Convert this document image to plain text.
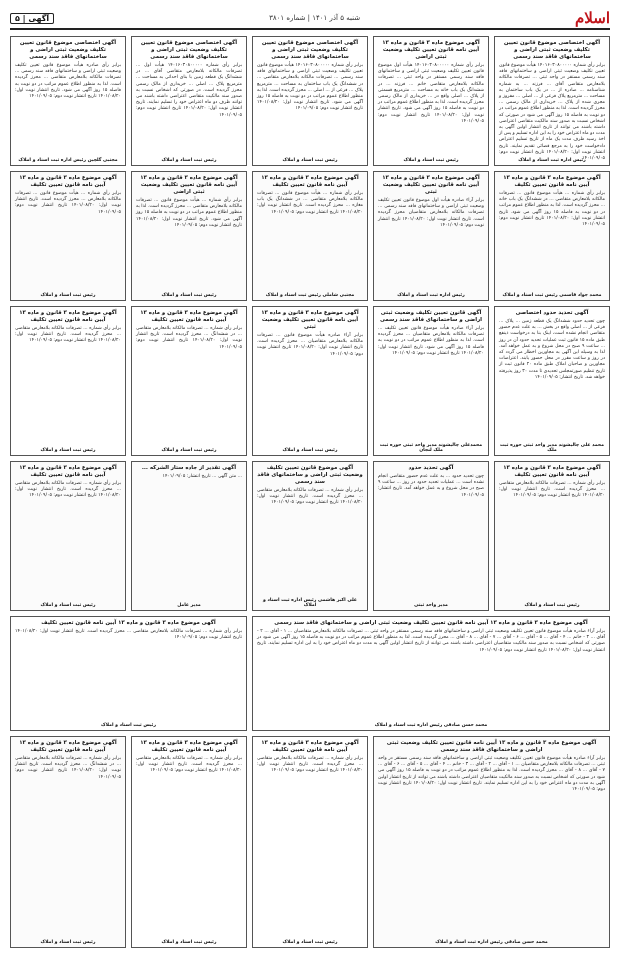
اسلام
شنبه ۵ آذر ۱۴۰۱ | شماره ۳۸۰۱
آگهی | ۵
آگهی اختصاصی موضوع قانون تعیین تکلیف وضعیت ثبتی اراضی و ساختمانهای فاقد سند رسمی
برابر رأی شماره ۱۴۰۱۶۰۳۰۸۰۰۰۰۰ هیأت موضوع قانون تعیین تکلیف وضعیت ثبتی اراضی و ساختمانهای فاقد سند رسمی مستقر در واحد ثبتی ... تصرفات مالکانه بلامعارض متقاضی آقای ... فرزند ... به شماره شناسنامه ... صادره از ... در یک باب ساختمان به مساحت ... مترمربع پلاک فرعی از ... اصلی ... مفروز و مجزی شده از پلاک ... خریداری از مالک رسمی ... محرز گردیده است. لذا به منظور اطلاع عموم مراتب در دو نوبت به فاصله ۱۵ روز آگهی می شود در صورتی که اشخاص نسبت به صدور سند مالکیت متقاضی اعتراضی داشته باشند می توانند از تاریخ انتشار اولین آگهی به مدت دو ماه اعتراض خود را به این اداره تسلیم و پس از اخذ رسید ظرف مدت یک ماه از تاریخ تسلیم اعتراض دادخواست خود را به مرجع قضائی تقدیم نمایند. تاریخ انتشار نوبت اول: ۱۴۰۱/۰۸/۲۰ تاریخ انتشار نوبت دوم: ۱۴۰۱/۰۹/۰۵
رئیس اداره ثبت اسناد و املاک
آگهی موضوع ماده ۳ قانون و ماده ۱۳ آیین نامه قانون تعیین تکلیف وضعیت ثبتی اراضی
برابر رأی شماره ۱۴۰۱۶۰۳۰۸۰۰۰۰۰ هیأت اول موضوع قانون تعیین تکلیف وضعیت ثبتی اراضی و ساختمانهای فاقد سند رسمی مستقر در واحد ثبتی ... تصرفات مالکانه بلامعارض متقاضی خانم ... فرزند ... در ششدانگ یک باب خانه به مساحت ... مترمربع قسمتی از پلاک ... اصلی واقع در ... خریداری از مالک رسمی محرز گردیده است. لذا به منظور اطلاع عموم مراتب در دو نوبت به فاصله ۱۵ روز آگهی می شود. تاریخ انتشار نوبت اول: ۱۴۰۱/۰۸/۲۰ تاریخ انتشار نوبت دوم: ۱۴۰۱/۰۹/۰۵
رئیس ثبت اسناد و املاک
آگهی اختصاصی موضوع قانون تعیین تکلیف وضعیت ثبتی اراضی و ساختمانهای فاقد سند رسمی
برابر رأی شماره ۱۴۰۱۶۰۳۰۸۰۰۰۰۰ هیأت موضوع قانون تعیین تکلیف وضعیت ثبتی اراضی و ساختمانهای فاقد سند رسمی ... تصرفات مالکانه بلامعارض متقاضی ... در ششدانگ یک باب ساختمان به مساحت ... مترمربع پلاک ... فرعی از ... اصلی ... محرز گردیده است. لذا به منظور اطلاع عموم مراتب در دو نوبت به فاصله ۱۵ روز آگهی می شود. تاریخ انتشار نوبت اول: ۱۴۰۱/۰۸/۲۰ تاریخ انتشار نوبت دوم: ۱۴۰۱/۰۹/۰۵
رئیس ثبت اسناد و املاک
آگهی اختصاصی موضوع قانون تعیین تکلیف وضعیت ثبتی اراضی و ساختمانهای فاقد سند رسمی
برابر رأی شماره ۱۴۰۱۶۰۳۰۸۰۰۰۰۰ هیأت اول ... تصرفات مالکانه بلامعارض متقاضی آقای ... در ششدانگ یک قطعه زمین با بنای احداثی به مساحت ... مترمربع پلاک ... اصلی ... خریداری از مالک رسمی محرز گردیده است. در صورتی که اشخاص نسبت به صدور سند مالکیت متقاضی اعتراضی داشته باشند می توانند ظرف دو ماه اعتراض خود را تسلیم نمایند. تاریخ انتشار نوبت اول: ۱۴۰۱/۰۸/۲۰ تاریخ انتشار نوبت دوم: ۱۴۰۱/۰۹/۰۵
رئیس ثبت اسناد و املاک
آگهی اختصاصی موضوع قانون تعیین تکلیف وضعیت ثبتی اراضی و ساختمانهای فاقد سند رسمی
برابر رأی صادره هیأت موضوع قانون تعیین تکلیف وضعیت ثبتی اراضی و ساختمانهای فاقد سند رسمی ... تصرفات مالکانه بلامعارض متقاضی ... محرز گردیده است. لذا به منظور اطلاع عموم مراتب در دو نوبت به فاصله ۱۵ روز آگهی می شود. تاریخ انتشار نوبت اول: ۱۴۰۱/۰۸/۲۰ تاریخ انتشار نوبت دوم: ۱۴۰۱/۰۹/۰۵
مجتبی گلچین رئیس اداره ثبت اسناد و املاک
آگهی موضوع ماده ۳ قانون و ماده ۱۳ آیین نامه قانون تعیین تکلیف
برابر رأی شماره ... هیأت موضوع قانون ... تصرفات مالکانه بلامعارض متقاضی ... در ششدانگ یک باب خانه ... محرز گردیده است. لذا به منظور اطلاع عموم مراتب در دو نوبت به فاصله ۱۵ روز آگهی می شود. تاریخ انتشار نوبت اول: ۱۴۰۱/۰۸/۲۰ تاریخ انتشار نوبت دوم: ۱۴۰۱/۰۹/۰۵
محمد جواد قاسمی رئیس ثبت اسناد و املاک
آگهی موضوع ماده ۳ قانون و ماده ۱۳ آیین نامه قانون تعیین تکلیف وضعیت ثبتی
برابر آراء صادره هیأت اول موضوع قانون تعیین تکلیف وضعیت ثبتی اراضی و ساختمانهای فاقد سند رسمی ... تصرفات مالکانه بلامعارض متقاضیان محرز گردیده است. تاریخ انتشار نوبت اول: ۱۴۰۱/۰۸/۲۰ تاریخ انتشار نوبت دوم: ۱۴۰۱/۰۹/۰۵
رئیس اداره ثبت اسناد و املاک
آگهی موضوع ماده ۳ قانون و ماده ۱۳ آیین نامه قانون تعیین تکلیف
برابر رأی شماره ... هیأت موضوع قانون ... تصرفات مالکانه بلامعارض متقاضی ... در ششدانگ یک باب مغازه ... محرز گردیده است. تاریخ انتشار نوبت اول: ۱۴۰۱/۰۸/۲۰ تاریخ انتشار نوبت دوم: ۱۴۰۱/۰۹/۰۵
مجتبی شاملی رئیس ثبت اسناد و املاک
آگهی موضوع ماده ۳ قانون و ماده ۱۳ آیین نامه قانون تعیین تکلیف وضعیت ثبتی اراضی
برابر رأی شماره ... هیأت موضوع قانون ... تصرفات مالکانه بلامعارض متقاضی ... محرز گردیده است. لذا به منظور اطلاع عموم مراتب در دو نوبت به فاصله ۱۵ روز آگهی می شود. تاریخ انتشار نوبت اول: ۱۴۰۱/۰۸/۲۰ تاریخ انتشار نوبت دوم: ۱۴۰۱/۰۹/۰۵
رئیس ثبت اسناد و املاک
آگهی موضوع ماده ۳ قانون و ماده ۱۳ آیین نامه قانون تعیین تکلیف
برابر رأی شماره ... هیأت موضوع قانون ... تصرفات مالکانه بلامعارض ... محرز گردیده است. تاریخ انتشار نوبت اول: ۱۴۰۱/۰۸/۲۰ تاریخ انتشار نوبت دوم: ۱۴۰۱/۰۹/۰۵
رئیس ثبت اسناد و املاک
آگهی تحدید حدود اختصاصی
چون تحدید حدود ششدانگ یک قطعه زمین ... پلاک ... فرعی از ... اصلی واقع در بخش ... به علت عدم حضور متقاضی انجام نشده است، اینک بنا به درخواست ذینفع طبق ماده ۱۵ قانون ثبت عملیات تحدید حدود آن در روز ... ساعت ۹ صبح در محل شروع و به عمل خواهد آمد. لذا به وسیله این آگهی به مجاورین اخطار می گردد که در روز و ساعت مقرر در محل حضور یابند. اعتراضات مجاورین و صاحبان املاک طبق ماده ۲۰ قانون ثبت از تاریخ تنظیم صورتمجلس تحدیدی تا مدت ۳۰ روز پذیرفته خواهد شد. تاریخ انتشار: ۱۴۰۱/۰۹/۰۵
محمد علی چالیشوند مدیر واحد ثبتی حوزه ثبت ملک
آگهی قانون تعیین تکلیف وضعیت ثبتی اراضی و ساختمانهای فاقد سند رسمی
برابر آراء صادره هیأت موضوع قانون تعیین تکلیف ... تصرفات مالکانه بلامعارض متقاضیان ... محرز گردیده است. لذا به منظور اطلاع عموم مراتب در دو نوبت به فاصله ۱۵ روز آگهی می شود. تاریخ انتشار نوبت اول: ۱۴۰۱/۰۸/۲۰ تاریخ انتشار نوبت دوم: ۱۴۰۱/۰۹/۰۵
محمدعلی چالیشوند مدیر واحد ثبتی حوزه ثبت ملک لنجان
آگهی موضوع ماده ۳ قانون و ماده ۱۳ آیین نامه قانون تعیین تکلیف وضعیت ثبتی
برابر آراء صادره هیأت موضوع قانون ... تصرفات مالکانه بلامعارض متقاضیان ... محرز گردیده است. تاریخ انتشار نوبت اول: ۱۴۰۱/۰۸/۲۰ تاریخ انتشار نوبت دوم: ۱۴۰۱/۰۹/۰۵
رئیس ثبت اسناد و املاک
آگهی موضوع ماده ۳ قانون و ماده ۱۳ آیین نامه قانون تعیین تکلیف
برابر رأی شماره ... تصرفات مالکانه بلامعارض متقاضی ... در ششدانگ ... محرز گردیده است. تاریخ انتشار نوبت اول: ۱۴۰۱/۰۸/۲۰ تاریخ انتشار نوبت دوم: ۱۴۰۱/۰۹/۰۵
رئیس ثبت اسناد و املاک
آگهی موضوع ماده ۳ قانون و ماده ۱۳ آیین نامه قانون تعیین تکلیف
برابر رأی شماره ... تصرفات مالکانه بلامعارض متقاضی ... محرز گردیده است. تاریخ انتشار نوبت اول: ۱۴۰۱/۰۸/۲۰ تاریخ انتشار نوبت دوم: ۱۴۰۱/۰۹/۰۵
رئیس ثبت اسناد و املاک
آگهی موضوع ماده ۳ قانون و ماده ۱۳ آیین نامه قانون تعیین تکلیف
برابر رأی شماره ... تصرفات مالکانه بلامعارض متقاضی ... محرز گردیده است. تاریخ انتشار نوبت اول: ۱۴۰۱/۰۸/۲۰ تاریخ انتشار نوبت دوم: ۱۴۰۱/۰۹/۰۵
رئیس ثبت اسناد و املاک
آگهی تحدید حدود
چون تحدید حدود ... به علت عدم حضور متقاضی انجام نشده است ... عملیات تحدید حدود در روز ... ساعت ۹ صبح در محل شروع و به عمل خواهد آمد. تاریخ انتشار: ۱۴۰۱/۰۹/۰۵
مدیر واحد ثبتی
آگهی موضوع قانون تعیین تکلیف وضعیت ثبتی اراضی و ساختمانهای فاقد سند رسمی
برابر رأی شماره ... تصرفات مالکانه بلامعارض متقاضی ... محرز گردیده است. تاریخ انتشار نوبت اول: ۱۴۰۱/۰۸/۲۰ تاریخ انتشار نوبت دوم: ۱۴۰۱/۰۹/۰۵
علی اکبر هاشمی رئیس اداره ثبت اسناد و املاک
آگهی تقدیر از جاده ستار الشرکه ...
... متن آگهی ... تاریخ انتشار: ۱۴۰۱/۰۹/۰۵
مدیر عامل
آگهی موضوع ماده ۳ قانون و ماده ۱۳ آیین نامه قانون تعیین تکلیف
برابر رأی شماره ... تصرفات مالکانه بلامعارض متقاضی ... محرز گردیده است. تاریخ انتشار نوبت اول: ۱۴۰۱/۰۸/۲۰ تاریخ انتشار نوبت دوم: ۱۴۰۱/۰۹/۰۵
رئیس ثبت اسناد و املاک
آگهی موضوع ماده ۳ قانون و ماده ۱۳ آیین نامه قانون تعیین تکلیف وضعیت ثبتی اراضی و ساختمانهای فاقد سند رسمی
برابر آراء صادره هیأت موضوع قانون تعیین تکلیف وضعیت ثبتی اراضی و ساختمانهای فاقد سند رسمی مستقر در واحد ثبتی ... تصرفات مالکانه بلامعارض متقاضیان ... ۱ - آقای ... ۲ - آقای ... ۳ - خانم ... ۴ - آقای ... ۵ - آقای ... ۶ - آقای ... ۷ - آقای ... ۸ - آقای ... محرز گردیده است. لذا به منظور اطلاع عموم مراتب در دو نوبت به فاصله ۱۵ روز آگهی می شود در صورتی که اشخاص نسبت به صدور سند مالکیت متقاضیان اعتراضی داشته باشند می توانند از تاریخ انتشار اولین آگهی به مدت دو ماه اعتراض خود را به این اداره تسلیم نمایند. تاریخ انتشار نوبت اول: ۱۴۰۱/۰۸/۲۰ تاریخ انتشار نوبت دوم: ۱۴۰۱/۰۹/۰۵
محمد حسن صادقی رئیس اداره ثبت اسناد و املاک
آگهی موضوع ماده ۳ قانون و ماده ۱۳ آیین نامه قانون تعیین تکلیف
برابر رأی شماره ... تصرفات مالکانه بلامعارض متقاضی ... محرز گردیده است. تاریخ انتشار نوبت اول: ۱۴۰۱/۰۸/۲۰ تاریخ انتشار نوبت دوم: ۱۴۰۱/۰۹/۰۵
رئیس ثبت اسناد و املاک
آگهی موضوع ماده ۳ قانون و ماده ۱۳ آیین نامه قانون تعیین تکلیف وضعیت ثبتی اراضی و ساختمانهای فاقد سند رسمی
برابر آراء صادره هیأت موضوع قانون تعیین تکلیف وضعیت ثبتی اراضی و ساختمانهای فاقد سند رسمی مستقر در واحد ثبتی ... تصرفات مالکانه بلامعارض متقاضیان ... ۱ - آقای ... ۲ - آقای ... ۳ - خانم ... ۴ - آقای ... ۵ - آقای ... ۶ - آقای ... ۷ - آقای ... ۸ - آقای ... محرز گردیده است. لذا به منظور اطلاع عموم مراتب در دو نوبت به فاصله ۱۵ روز آگهی می شود در صورتی که اشخاص نسبت به صدور سند مالکیت متقاضیان اعتراضی داشته باشند می توانند از تاریخ انتشار اولین آگهی به مدت دو ماه اعتراض خود را به این اداره تسلیم نمایند. تاریخ انتشار نوبت اول: ۱۴۰۱/۰۸/۲۰ تاریخ انتشار نوبت دوم: ۱۴۰۱/۰۹/۰۵
محمد حسن صادقی رئیس اداره ثبت اسناد و املاک
آگهی موضوع ماده ۳ قانون و ماده ۱۳ آیین نامه قانون تعیین تکلیف
برابر رأی شماره ... تصرفات مالکانه بلامعارض متقاضی ... محرز گردیده است. تاریخ انتشار نوبت اول: ۱۴۰۱/۰۸/۲۰ تاریخ انتشار نوبت دوم: ۱۴۰۱/۰۹/۰۵
رئیس ثبت اسناد و املاک
آگهی موضوع ماده ۳ قانون و ماده ۱۳ آیین نامه قانون تعیین تکلیف
برابر رأی شماره ... تصرفات مالکانه بلامعارض متقاضی ... محرز گردیده است. تاریخ انتشار نوبت اول: ۱۴۰۱/۰۸/۲۰ تاریخ انتشار نوبت دوم: ۱۴۰۱/۰۹/۰۵
رئیس ثبت اسناد و املاک
آگهی موضوع ماده ۳ قانون و ماده ۱۳ آیین نامه قانون تعیین تکلیف
برابر رأی شماره ... تصرفات مالکانه بلامعارض متقاضی ... در ششدانگ ... محرز گردیده است. تاریخ انتشار نوبت اول: ۱۴۰۱/۰۸/۲۰ تاریخ انتشار نوبت دوم: ۱۴۰۱/۰۹/۰۵
رئیس ثبت اسناد و املاک
